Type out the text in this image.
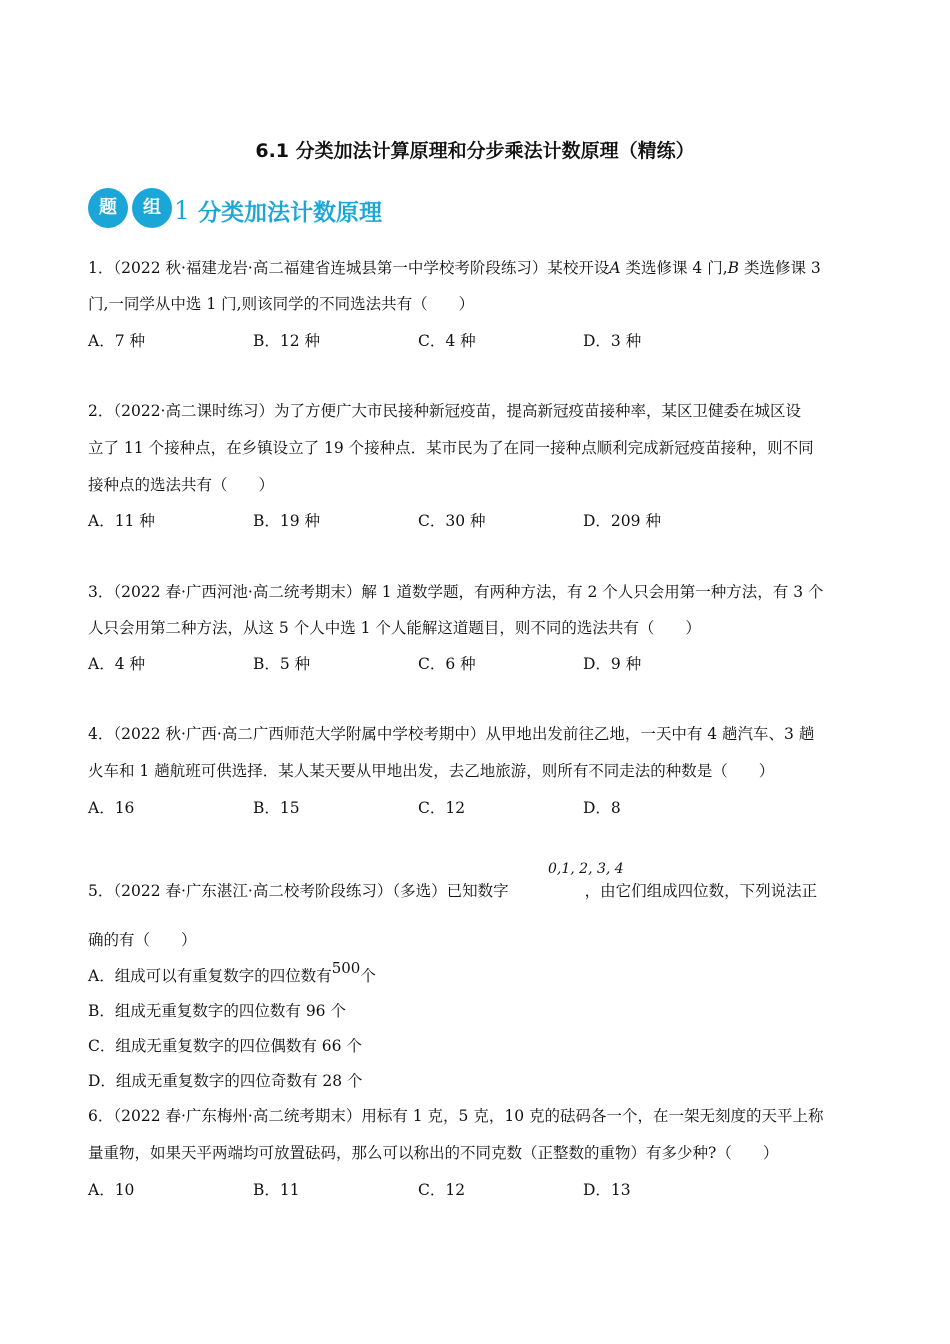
6.1 分类加法计算原理和分步乘法计数原理（精练）
题	组 1 分类加法计数原理
1．（2022 秋·福建龙岩·高二福建省连城县第一中学校考阶段练习）某校开设A 类选修课 4 门,B 类选修课 3
门,一同学从中选 1 门,则该同学的不同选法共有（　　）
A．7 种	B．12 种	C．4 种	D．3 种
2．（2022·高二课时练习）为了方便广大市民接种新冠疫苗，提高新冠疫苗接种率，某区卫健委在城区设
立了 11 个接种点，在乡镇设立了 19 个接种点．某市民为了在同一接种点顺利完成新冠疫苗接种，则不同
接种点的选法共有（　　）
A．11 种	B．19 种	C．30 种	D．209 种
3．（2022 春·广西河池·高二统考期末）解 1 道数学题，有两种方法，有 2 个人只会用第一种方法，有 3 个
人只会用第二种方法，从这 5 个人中选 1 个人能解这道题目，则不同的选法共有（　　）
A．4 种	B．5 种	C．6 种	D．9 种
4．（2022 秋·广西·高二广西师范大学附属中学校考期中）从甲地出发前往乙地，一天中有 4 趟汽车、3 趟
火车和 1 趟航班可供选择．某人某天要从甲地出发，去乙地旅游，则所有不同走法的种数是（　　）
A．16	B．15	C．12	D．8
0,1, 2, 3, 4
5．（2022 春·广东湛江·高二校考阶段练习）（多选）已知数字	，由它们组成四位数，下列说法正
确的有（　　）
A．组成可以有重复数字的四位数有500个
B．组成无重复数字的四位数有 96 个
C．组成无重复数字的四位偶数有 66 个
D．组成无重复数字的四位奇数有 28 个
6．（2022 春·广东梅州·高二统考期末）用标有 1 克，5 克，10 克的砝码各一个，在一架无刻度的天平上称
量重物，如果天平两端均可放置砝码，那么可以称出的不同克数（正整数的重物）有多少种?（　　）
A．10	B．11	C．12	D．13
